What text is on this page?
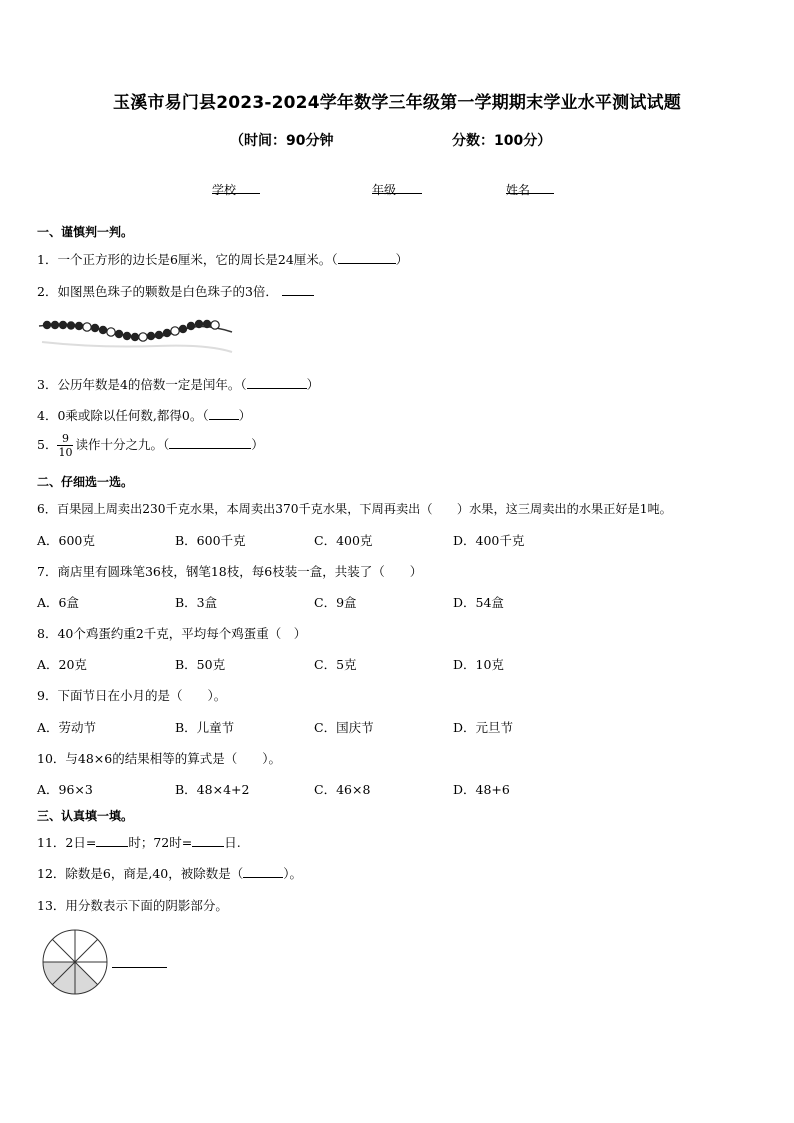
玉溪市易门县2023-2024学年数学三年级第一学期期末学业水平测试试题
（时间：90分钟	分数：100分）
学校	年级	姓名
一、谨慎判一判。
1．一个正方形的边长是6厘米，它的周长是24厘米。（	）
2．如图黑色珠子的颗数是白色珠子的3倍．
3．公历年数是4的倍数一定是闰年。（	）
4．0乘或除以任何数,都得0。（ ）
5． $\frac{9}{10}$ 读作十分之九。（	）
二、仔细选一选。
6．百果园上周卖出230千克水果，本周卖出370千克水果，下周再卖出（　　）水果，这三周卖出的水果正好是1吨。
A．600克	B．600千克	C．400克	D．400千克
7．商店里有圆珠笔36枝，钢笔18枝，每6枝装一盒，共装了（　　）
A．6盒	B．3盒	C．9盒	D．54盒
8．40个鸡蛋约重2千克，平均每个鸡蛋重（　）
A．20克	B．50克	C．5克	D．10克
9．下面节日在小月的是（　　）。
A．劳动节	B．儿童节	C．国庆节	D．元旦节
10．与48×6的结果相等的算式是（　　）。
A．96×3	B．48×4+2	C．46×8	D．48+6
三、认真填一填。
11．2日=	时；72时=	日.
12．除数是6，商是,40，被除数是（	）。
13．用分数表示下面的阴影部分。
